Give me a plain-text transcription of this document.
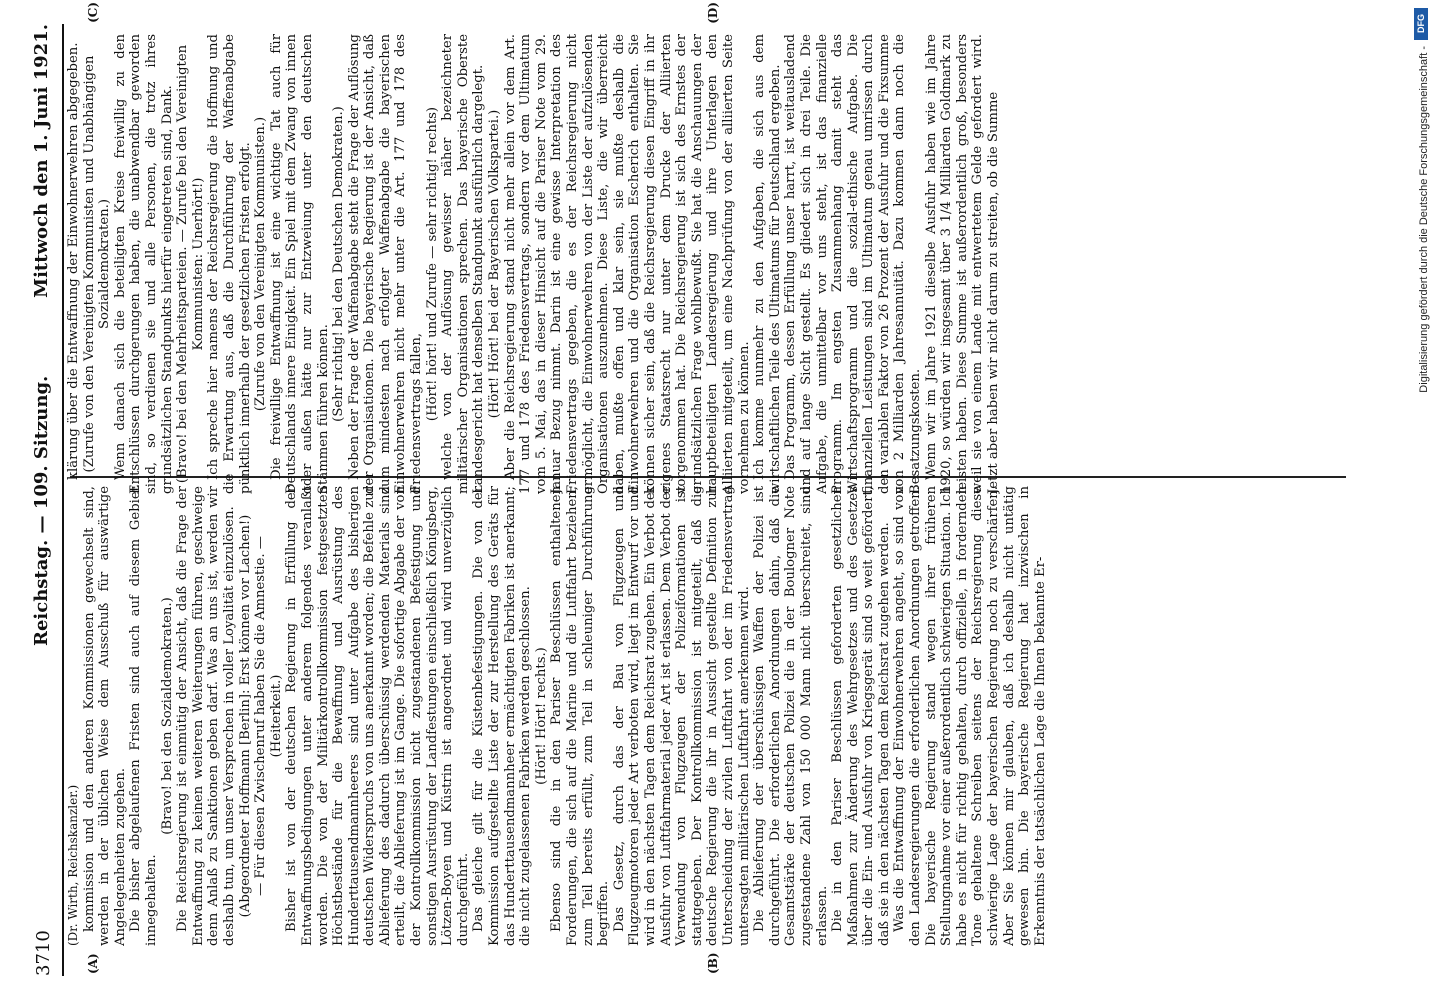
DFG
Digitalisierung gefördert durch die Deutsche Forschungsgemeinschaft -
3710
Reichstag. — 109. Sitzung.
Mittwoch den 1. Juni 1921.
(A)	(B)
(C)	(D)

(Dr. Wirth, Reichskanzler.) kommission und den anderen Kommissionen gewechselt sind, werden in der üblichen Weise dem Ausschuß für auswärtige Angelegenheiten zugehen. Die bisher abgelaufenen Fristen sind auch auf diesem Gebiet innegehalten.

(Bravo! bei den Sozialdemokraten.) Die Reichsregierung ist einmütig der Ansicht, daß die Frage der Entwaffnung zu keinen weiteren Weiterungen führen, geschweige denn Anlaß zu Sanktionen geben darf. Was an uns ist, werden wir deshalb tun, um unser Versprechen in voller Loyalität einzulösen. (Abgeordneter Hoffmann [Berlin]: Erst können vor Lachen!) — Für diesen Zwischenruf haben Sie die Amnestie. — (Heiterkeit.) Bisher ist von der deutschen Regierung in Erfüllung der Entwaffnungsbedingungen unter anderem folgendes veranlaßt worden. Die von der Militärkontrollkommission festgesetzten Höchstbestände für die Bewaffnung und Ausrüstung des Hunderttausendmannheeres sind unter Aufgabe des bisherigen deutschen Widerspruchs von uns anerkannt worden; die Befehle zur Ablieferung des dadurch überschüssig werdenden Materials sind erteilt, die Ablieferung ist im Gange. Die sofortige Abgabe der von der Kontrollkommission nicht zugestandenen Befestigung und sonstigen Ausrüstung der Landfestungen einschließlich Königsberg, Lötzen-Boyen und Küstrin ist angeordnet und wird unverzüglich durchgeführt. Das gleiche gilt für die Küstenbefestigungen. Die von der Kommission aufgestellte Liste der zur Herstellung des Geräts für das Hunderttausendmannheer ermächtigten Fabriken ist anerkannt; die nicht zugelassenen Fabriken werden geschlossen. (Hört! Hört! rechts.) Ebenso sind die in den Pariser Beschlüssen enthaltenen Forderungen, die sich auf die Marine und die Luftfahrt beziehen, zum Teil bereits erfüllt, zum Teil in schleuniger Durchführung begriffen. Das Gesetz, durch das der Bau von Flugzeugen und Flugzeugmotoren jeder Art verboten wird, liegt im Entwurf vor und wird in den nächsten Tagen dem Reichsrat zugehen. Ein Verbot der Ausfuhr von Luftfahrmaterial jeder Art ist erlassen. Dem Verbot der Verwendung von Flugzeugen der Polizeiformationen ist stattgegeben. Der Kontrollkommission ist mitgeteilt, daß die deutsche Regierung die ihr in Aussicht gestellte Definition zur Unterscheidung der zivilen Luftfahrt von der im Friedensvertrag untersagten militärischen Luftfahrt anerkennen wird. Die Ablieferung der überschüssigen Waffen der Polizei ist durchgeführt. Die erforderlichen Anordnungen dahin, daß die Gesamtstärke der deutschen Polizei die in der Boulogner Note zugestandene Zahl von 150 000 Mann nicht überschreitet, sind erlassen. Die in den Pariser Beschlüssen geforderten gesetzlichen Maßnahmen zur Änderung des Wehrgesetzes und des Gesetzes über die Ein- und Ausfuhr von Kriegsgerät sind so weit gefördert, daß sie in den nächsten Tagen dem Reichsrat zugehen werden. Was die Entwaffnung der Einwohnerwehren angeht, so sind von den Landesregierungen die erforderlichen Anordnungen getroffen. Die bayerische Regierung stand wegen ihrer früheren Stellungnahme vor einer außerordentlich schwierigen Situation. Ich habe es nicht für richtig gehalten, durch offizielle, in fordernden Tone gehaltene Schreiben seitens der Reichsregierung diese schwierige Lage der bayerischen Regierung noch zu verschärfen. Aber Sie können mir glauben, daß ich deshalb nicht untätig gewesen bin. Die bayerische Regierung hat inzwischen in Erkenntnis der tatsächlichen Lage die Ihnen bekannte Er-

klärung über die Entwaffnung der Einwohnerwehren abgegeben. (Zurufe von den Vereinigten Kommunisten und Unabhängigen Sozialdemokraten.) Wenn danach sich die beteiligten Kreise freiwillig zu den Entschlüssen durchgerungen haben, die unabwendbar geworden sind, so verdienen sie und alle Personen, die trotz ihres grundsätzlichen Standpunkts hierfür eingetreten sind, Dank. (Bravo! bei den Mehrheitsparteien. — Zurufe bei den Vereinigten Kommunisten: Unerhört!) Ich spreche hier namens der Reichsregierung die Hoffnung und die Erwartung aus, daß die Durchführung der Waffenabgabe pünktlich innerhalb der gesetzlichen Fristen erfolgt. (Zurufe von den Vereinigten Kommunisten.) Die freiwillige Entwaffnung ist eine wichtige Tat auch für Deutschlands innere Einigkeit. Ein Spiel mit dem Zwang von innen oder außen hätte nur zur Entzweiung unter den deutschen Stämmen führen können. (Sehr richtig! bei den Deutschen Demokraten.) Neben der Frage der Waffenabgabe steht die Frage der Auflösung der Organisationen. Die bayerische Regierung ist der Ansicht, daß zum mindesten nach erfolgter Waffenabgabe die bayerischen Einwohnerwehren nicht mehr unter die Art. 177 und 178 des Friedensvertrags fallen, (Hört! hört! und Zurufe — sehr richtig! rechts) welche von der Auflösung gewisser näher bezeichneter militärischer Organisationen sprechen. Das bayerische Oberste Landesgericht hat denselben Standpunkt ausführlich dargelegt. (Hört! Hört! bei der Bayerischen Volkspartei.) Aber die Reichsregierung stand nicht mehr allein vor dem Art. 177 und 178 des Friedensvertrags, sondern vor dem Ultimatum vom 5. Mai, das in dieser Hinsicht auf die Pariser Note vom 29. Januar Bezug nimmt. Darin ist eine gewisse Interpretation des Friedensvertrags gegeben, die es der Reichsregierung nicht ermöglicht, die Einwohnerwehren von der Liste der aufzulösenden Organisationen auszunehmen. Diese Liste, die wir überreicht haben, mußte offen und klar sein, sie mußte deshalb die Einwohnerwehren und die Organisation Escherich enthalten. Sie können sicher sein, daß die Reichsregierung diesen Eingriff in ihr eigenes Staatsrecht nur unter dem Drucke der Alliierten vorgenommen hat. Die Reichsregierung ist sich des Ernstes der grundsätzlichen Frage wohlbewußt. Sie hat die Anschauungen der hauptbeteiligten Landesregierung und ihre Unterlagen den Alliierten mitgeteilt, um eine Nachprüfung von der alliierten Seite vornehmen zu können. Ich komme nunmehr zu den Aufgaben, die sich aus dem wirtschaftlichen Teile des Ultimatums für Deutschland ergeben. Das Programm, dessen Erfüllung unser harrt, ist weitausladend und auf lange Sicht gestellt. Es gliedert sich in drei Teile. Die Aufgabe, die unmittelbar vor uns steht, ist das finanzielle Programm. Im engsten Zusammenhang damit steht das Wirtschaftsprogramm und die sozial-ethische Aufgabe. Die finanziellen Leistungen sind im Ultimatum genau umrissen durch den variablen Faktor von 26 Prozent der Ausfuhr und die Fixsumme von 2 Milliarden Jahresannuität. Dazu kommen dann noch die Besatzungskosten. Wenn wir im Jahre 1921 dieselbe Ausfuhr haben wie im Jahre 1920, so würden wir insgesamt über 3 1/4 Milliarden Goldmark zu leisten haben. Diese Summe ist außerordentlich groß, besonders weil sie von einem Lande mit entwertetem Gelde gefordert wird. Jetzt aber haben wir nicht darum zu streiten, ob die Summe
